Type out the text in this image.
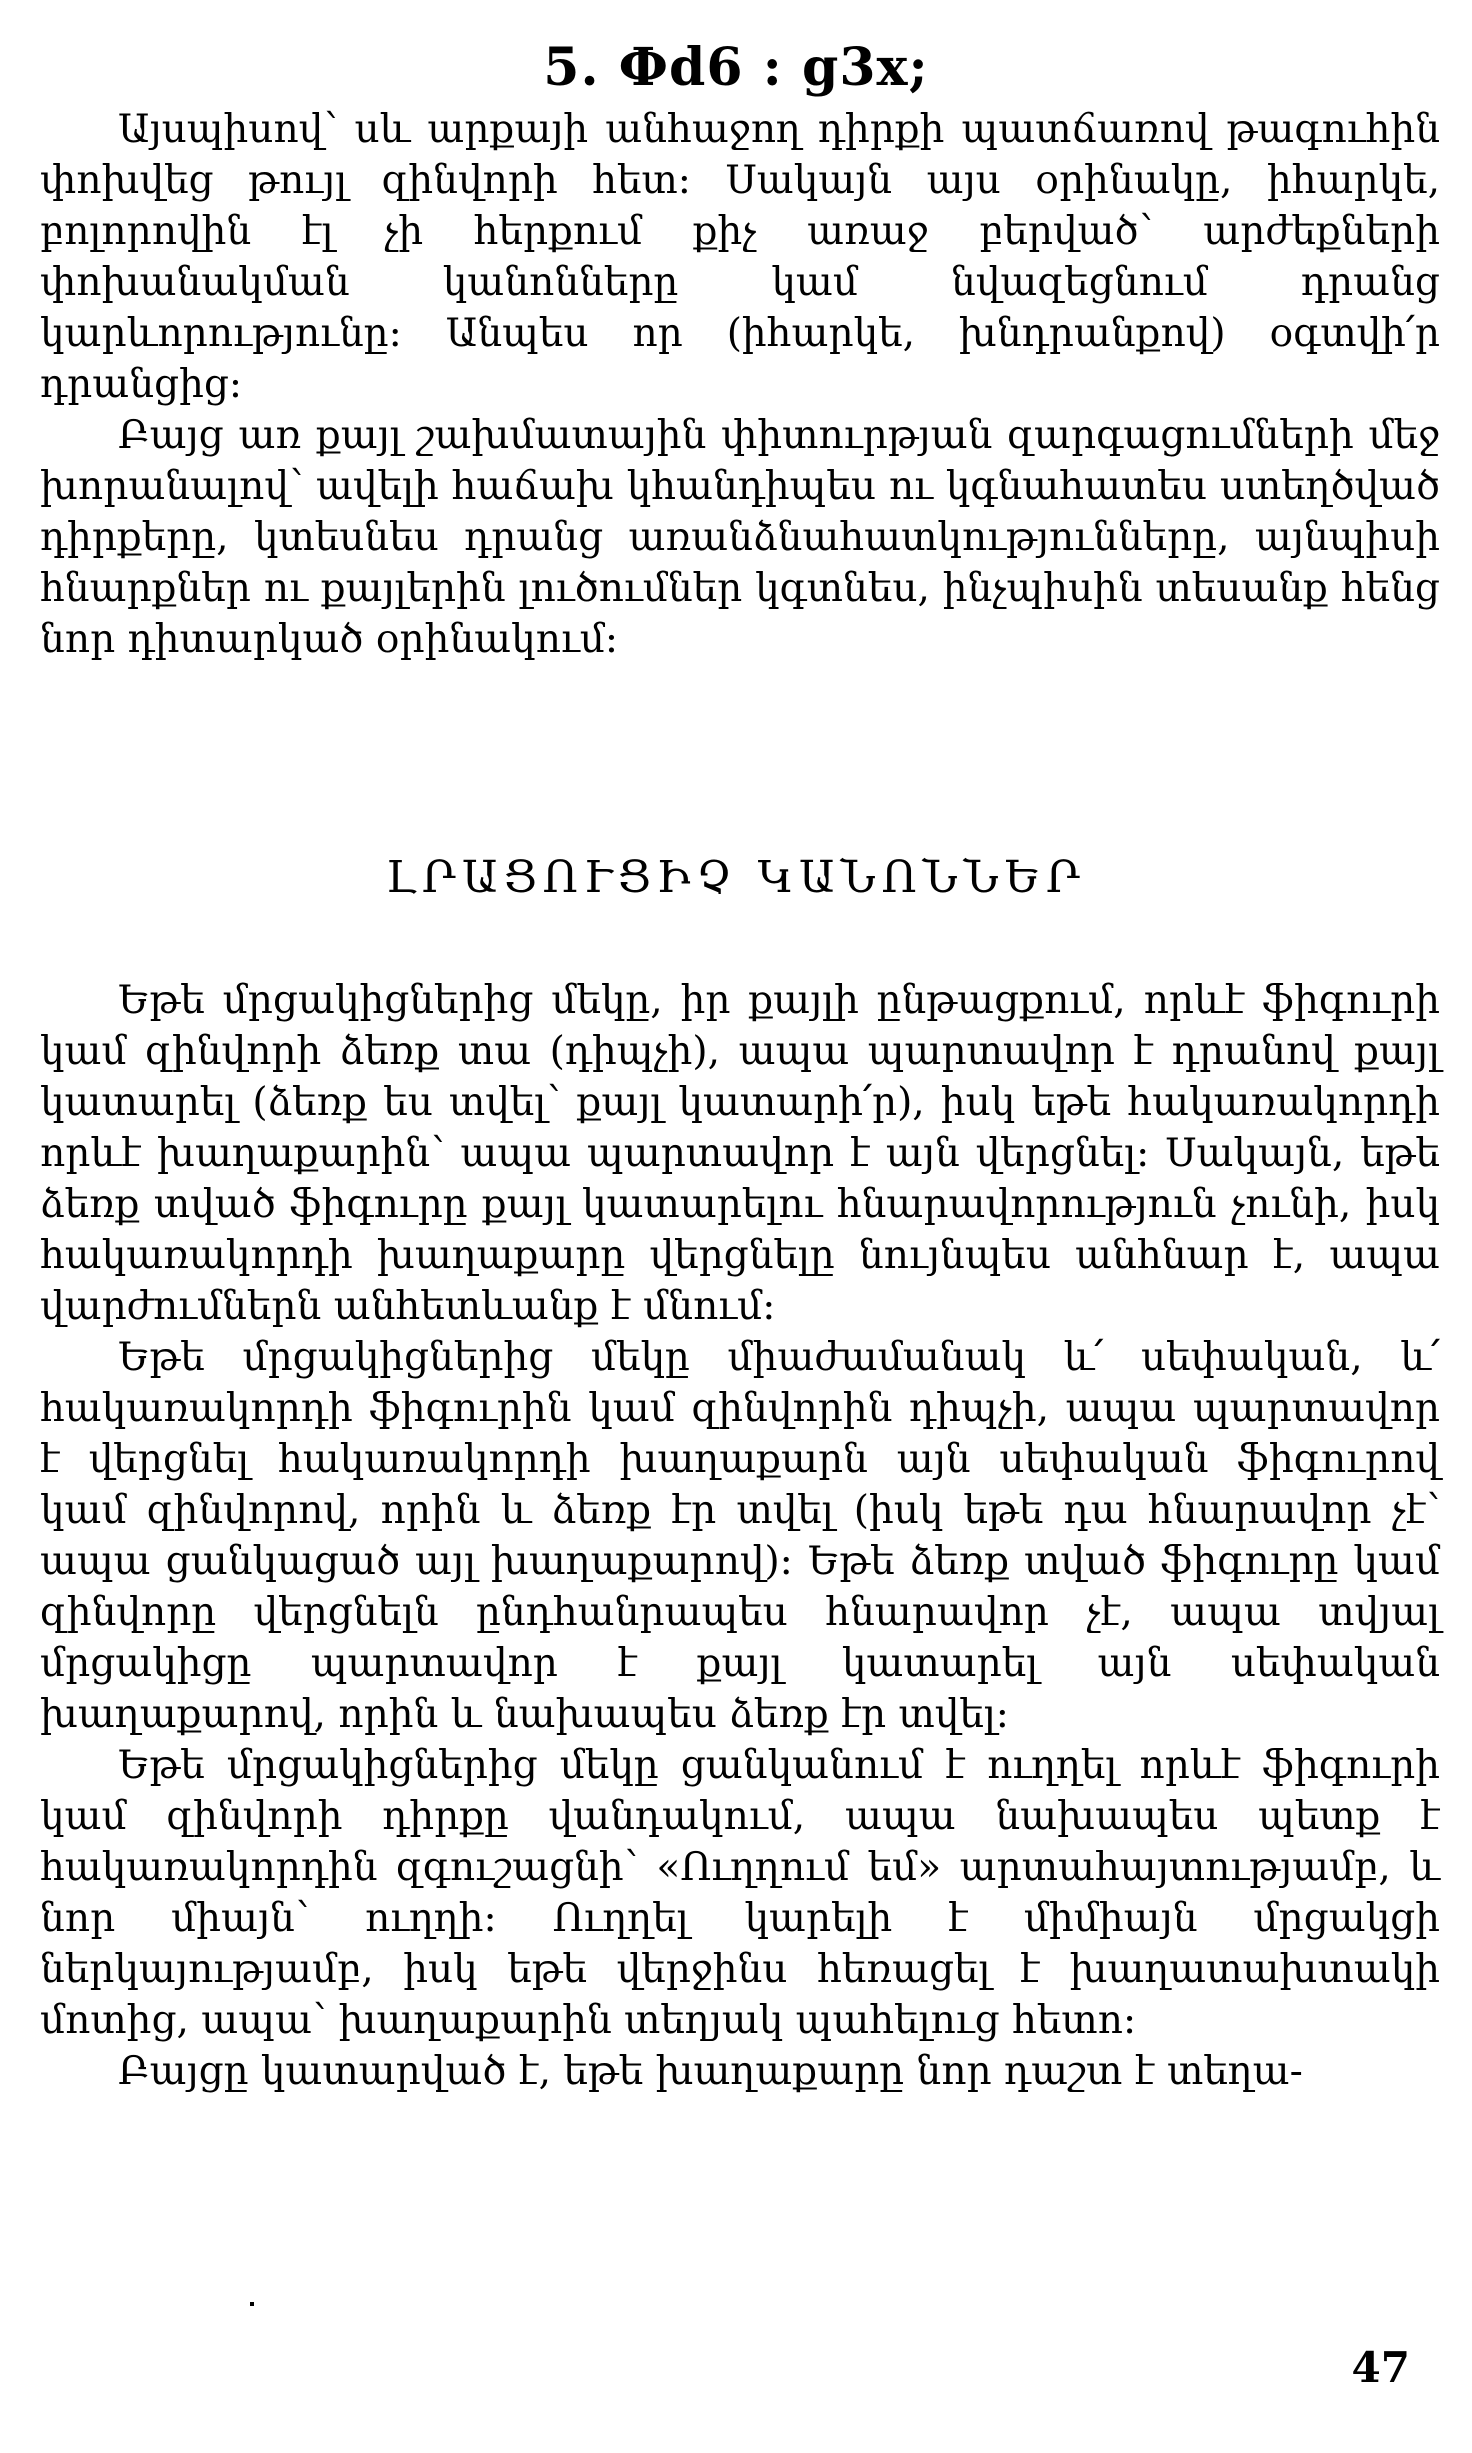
5. Фd6 : g3x;

Այսպիսով՝ սև արքայի անհաջող դիրքի պատճառով թագուհին փոխվեց թույլ զինվորի հետ։ Սակայն այս օրինակը, իհարկե, բոլորովին էլ չի հերքում քիչ առաջ բերված՝ արժեքների փոխանակման կանոնները կամ նվազեցնում դրանց կարևորությունը։ Անպես որ (իհարկե, խնդրանքով) օգտվի՛ր դրանցից։

Բայց առ քայլ շախմատային փիտուրթյան զարգացումների մեջ խորանալով՝ ավելի հաճախ կհանդիպես ու կգնահատես ստեղծված դիրքերը, կտեսնես դրանց առանձնահատկությունները, այնպիսի հնարքներ ու քայլերին լուծումներ կգտնես, ինչպիսին տեսանք հենց նոր դիտարկած օրինակում։

ԼՐԱՑՈՒՑԻՉ ԿԱՆՈՆՆԵՐ

Եթե մրցակիցներից մեկը, իր քայլի ընթացքում, որևէ ֆիգուրի կամ զինվորի ձեռք տա (դիպչի), ապա պարտավոր է դրանով քայլ կատարել (ձեռք ես տվել՝ քայլ կատարի՛ր), իսկ եթե հակառակորդի որևէ խաղաքարին՝ ապա պարտավոր է այն վերցնել։ Սակայն, եթե ձեռք տված ֆիգուրը քայլ կատարելու հնարավորություն չունի, իսկ հակառակորդի խաղաքարը վերցնելը նույնպես անհնար է, ապա վարժումներն անհետևանք է մնում։

Եթե մրցակիցներից մեկը միաժամանակ և՛ սեփական, և՛ հակառակորդի ֆիգուրին կամ զինվորին դիպչի, ապա պարտավոր է վերցնել հակառակորդի խաղաքարն այն սեփական ֆիգուրով կամ զինվորով, որին և ձեռք էր տվել (իսկ եթե դա հնարավոր չէ՝ ապա ցանկացած այլ խաղաքարով)։ Եթե ձեռք տված ֆիգուրը կամ զինվորը վերցնելն ընդհանրապես հնարավոր չէ, ապա տվյալ մրցակիցը պարտավոր է քայլ կատարել այն սեփական խաղաքարով, որին և նախապես ձեռք էր տվել։

Եթե մրցակիցներից մեկը ցանկանում է ուղղել որևէ ֆիգուրի կամ զինվորի դիրքը վանդակում, ապա նախապես պետք է հակառակորդին զգուշացնի՝ «Ուղղում եմ» արտահայտությամբ, և նոր միայն՝ ուղղի։ Ուղղել կարելի է միմիայն մրցակցի ներկայությամբ, իսկ եթե վերջինս հեռացել է խաղատախտակի մոտից, ապա՝ խաղաքարին տեղյակ պահելուց հետո։

Բայցը կատարված է, եթե խաղաքարը նոր դաշտ է տեղա-

47
